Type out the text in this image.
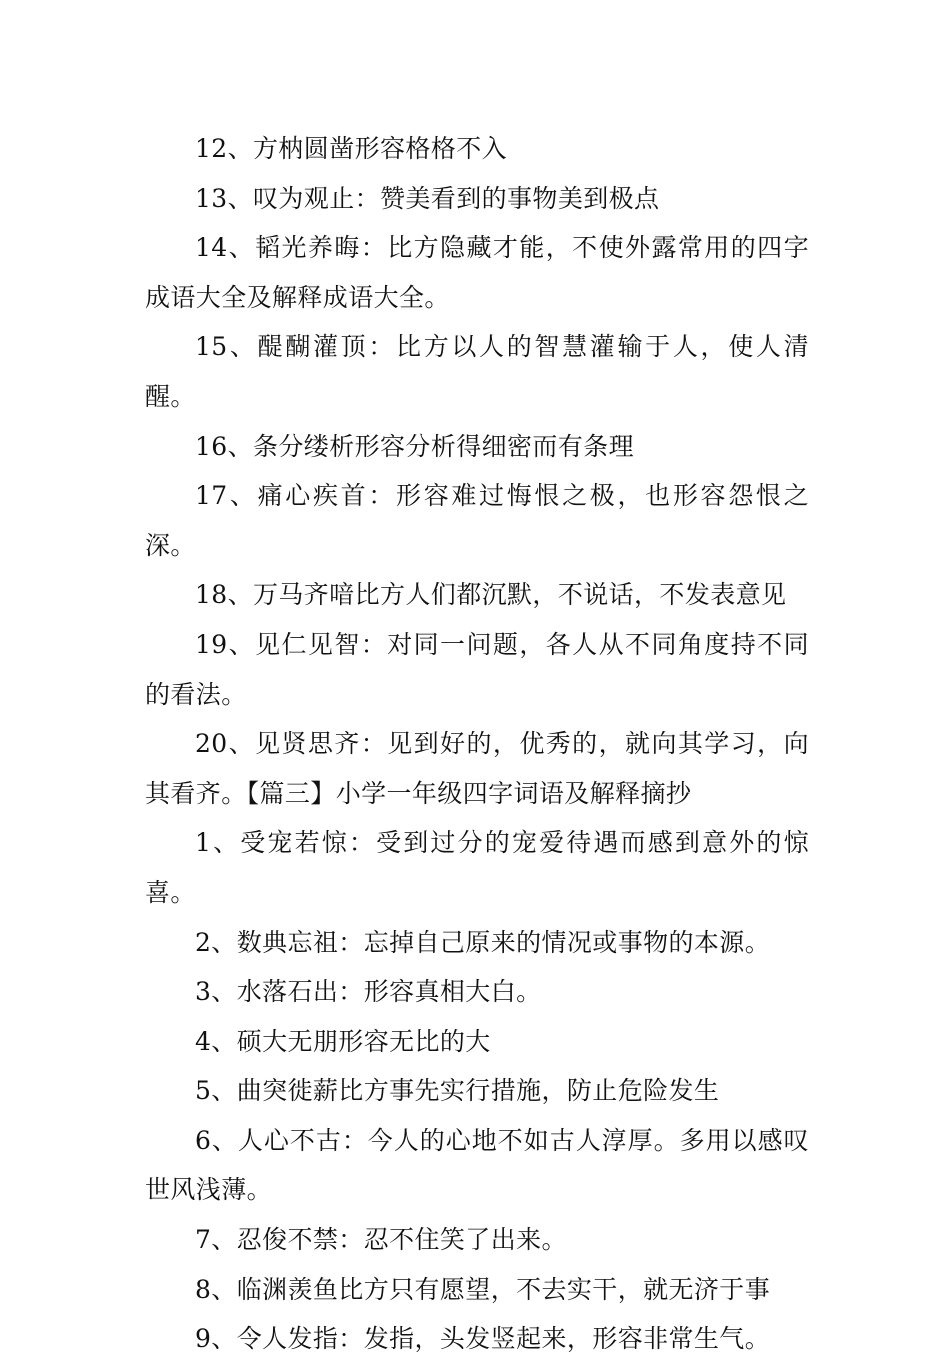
12、方枘圆凿形容格格不入

13、叹为观止：赞美看到的事物美到极点

14、韬光养晦：比方隐藏才能，不使外露常用的四字成语大全及解释成语大全。

15、醍醐灌顶：比方以人的智慧灌输于人，使人清醒。

16、条分缕析形容分析得细密而有条理

17、痛心疾首：形容难过悔恨之极，也形容怨恨之深。

18、万马齐喑比方人们都沉默，不说话，不发表意见

19、见仁见智：对同一问题，各人从不同角度持不同的看法。

20、见贤思齐：见到好的，优秀的，就向其学习，向其看齐。【篇三】小学一年级四字词语及解释摘抄

1、受宠若惊：受到过分的宠爱待遇而感到意外的惊喜。

2、数典忘祖：忘掉自己原来的情况或事物的本源。

3、水落石出：形容真相大白。

4、硕大无朋形容无比的大

5、曲突徙薪比方事先实行措施，防止危险发生

6、人心不古：今人的心地不如古人淳厚。多用以感叹世风浅薄。

7、忍俊不禁：忍不住笑了出来。

8、临渊羡鱼比方只有愿望，不去实干，就无济于事

9、令人发指：发指，头发竖起来，形容非常生气。
